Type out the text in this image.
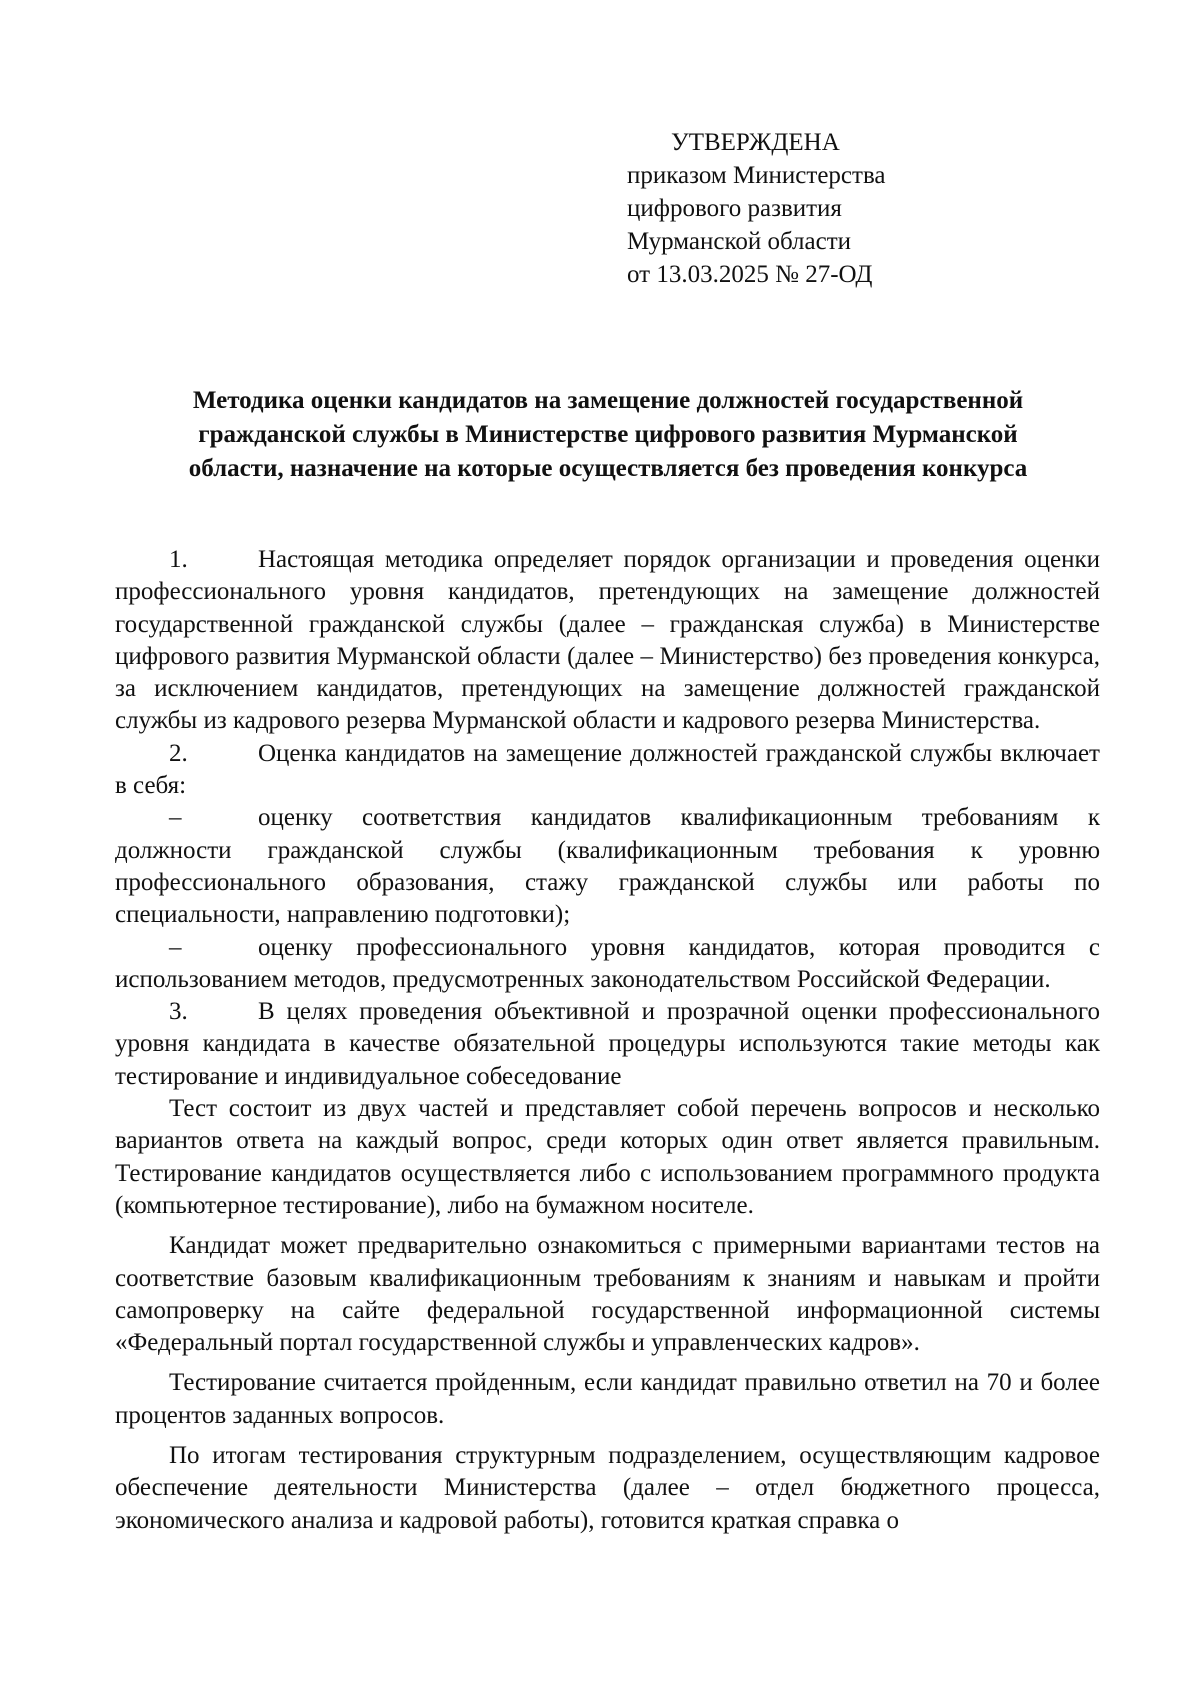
УТВЕРЖДЕНА
приказом Министерства
цифрового развития
Мурманской области
от 13.03.2025 № 27-ОД
Методика оценки кандидатов на замещение должностей государственной
гражданской службы в Министерстве цифрового развития Мурманской
области, назначение на которые осуществляется без проведения конкурса

1.	Настоящая методика определяет порядок организации и проведения оценки профессионального уровня кандидатов, претендующих на замещение должностей государственной гражданской службы (далее – гражданская служба) в Министерстве цифрового развития Мурманской области (далее – Министерство) без проведения конкурса, за исключением кандидатов, претендующих на замещение должностей гражданской службы из кадрового резерва Мурманской области и кадрового резерва Министерства.

2.	Оценка кандидатов на замещение должностей гражданской службы включает в себя:

–	оценку соответствия кандидатов квалификационным требованиям к должности гражданской службы (квалификационным требования к уровню профессионального образования, стажу гражданской службы или работы по специальности, направлению подготовки);

–	оценку профессионального уровня кандидатов, которая проводится с использованием методов, предусмотренных законодательством Российской Федерации.

3.	В целях проведения объективной и прозрачной оценки профессионального уровня кандидата в качестве обязательной процедуры используются такие методы как тестирование и индивидуальное собеседование

Тест состоит из двух частей и представляет собой перечень вопросов и несколько вариантов ответа на каждый вопрос, среди которых один ответ является правильным. Тестирование кандидатов осуществляется либо с использованием программного продукта (компьютерное тестирование), либо на бумажном носителе.

Кандидат может предварительно ознакомиться с примерными вариантами тестов на соответствие базовым квалификационным требованиям к знаниям и навыкам и пройти самопроверку на сайте федеральной государственной информационной системы «Федеральный портал государственной службы и управленческих кадров».

Тестирование считается пройденным, если кандидат правильно ответил на 70 и более процентов заданных вопросов.

По итогам тестирования структурным подразделением, осуществляющим кадровое обеспечение деятельности Министерства (далее – отдел бюджетного процесса, экономического анализа и кадровой работы), готовится краткая справка о
